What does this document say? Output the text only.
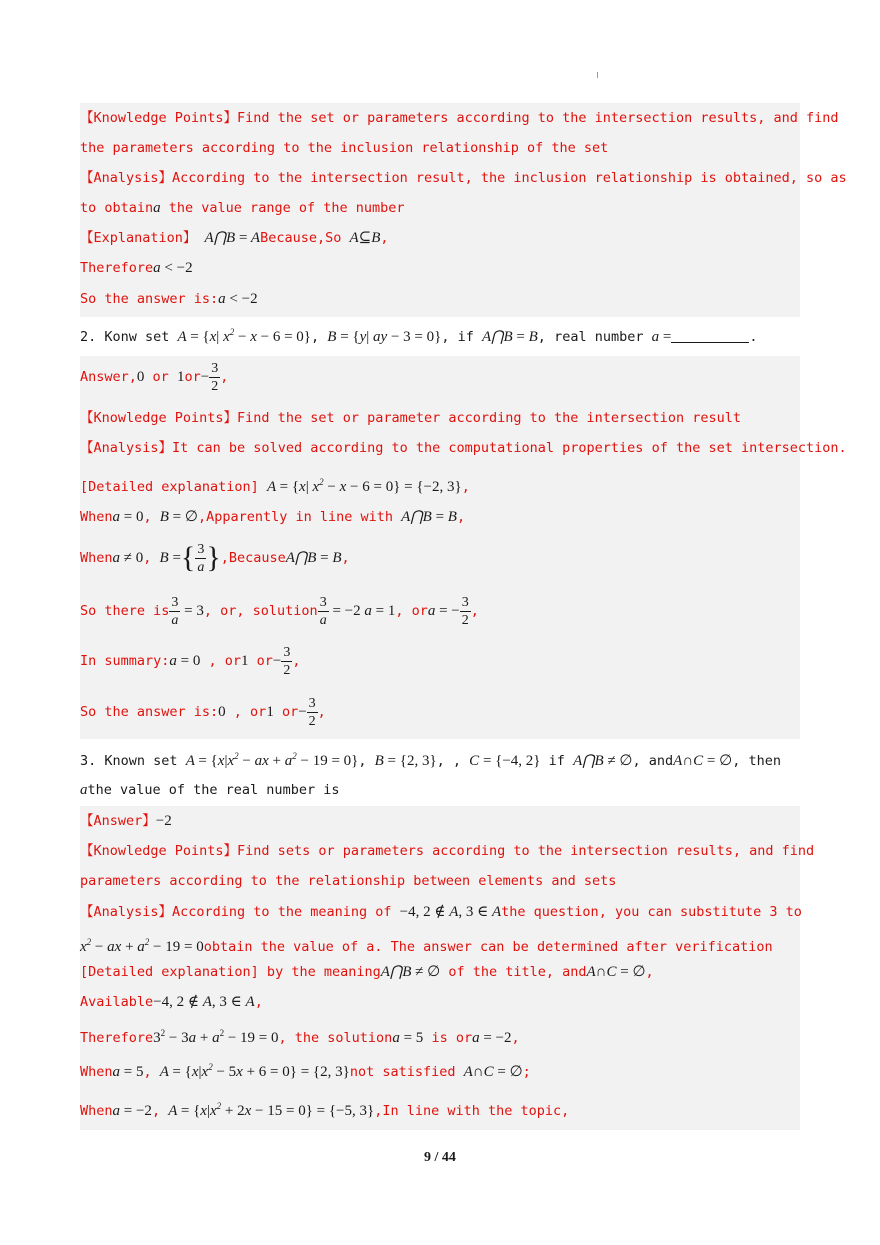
【Knowledge Points】Find the set or parameters according to the intersection results, and find
the parameters according to the inclusion relationship of the set
【Analysis】According to the intersection result, the inclusion relationship is obtained, so as
to obtaina the value range of the number
【Explanation】 A⋂B = ABecause,So A⊆B,
Thereforea < −2
So the answer is:a < −2
2. Konw set A = {x| $x^2 - x - 6 = 0$}, B = {y| ay − 3 = 0}, if A⋂B = B, real number a =	.
Answer,0 or $1or- \frac{3}{2}$ ,
【Knowledge Points】Find the set or parameter according to the intersection result
【Analysis】It can be solved according to the computational properties of the set intersection.
[Detailed explanation] A = {x| $x^2 - x - 6 = 0\} = \{-2$, 3},
Whena = 0, B = ∅,Apparently in line with A⋂B = B,
Whena ≠ 0, B ={ $\frac{3}{a}$ },BecauseA⋂B = B,
So there is $\frac{3}{a} = 3$, or, solution $\frac{3}{a} = -2$ a = 1, ora = − $\frac{3}{2}$ ,
In summary:a = 0 , or1 $or- \frac{3}{2}$ ,
So the answer is:0 , or1 $or- \frac{3}{2}$ ,
3. Known set $A = \{x|x^2$ − ax + $a^2 - 19 = 0$}, B = {2, 3}, , C = {−4, 2} if A⋂B ≠ ∅, andA∩C = ∅, then
athe value of the real number is
【Answer】−2
【Knowledge Points】Find sets or parameters according to the intersection results, and find
parameters according to the relationship between elements and sets
【Analysis】According to the meaning of −4, 2 ∉ A, 3 ∈ Athe question, you can substitute 3 to
$x^2$ − ax + $a^2 - 19$ = 0obtain the value of a. The answer can be determined after verification
[Detailed explanation] by the meaningA⋂B ≠ ∅ of the title, andA∩C = ∅,
Available−4, 2 ∉ A, 3 ∈ A,
$Therefore3^2 - 3a + a^2 - 19 = 0$, the solutiona = 5 is ora = −2,
Whena = 5, $A = \{x|x^2 - 5x + 6 = 0\} = \{2$, 3}not satisfied A∩C = ∅;
Whena = −2, $A = \{x|x^2 + 2x - 15 = 0\} = \{-5$, 3},In line with the topic,
9 / 44
